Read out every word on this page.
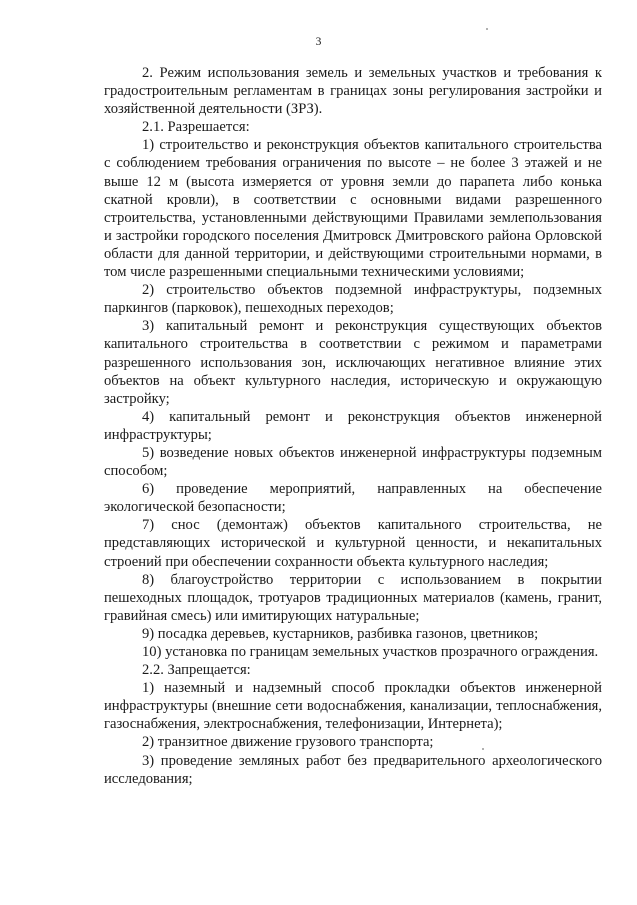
3

2. Режим использования земель и земельных участков и требования к градостроительным регламентам в границах зоны регулирования застройки и хозяйственной деятельности (ЗРЗ).

2.1. Разрешается:

1) строительство и реконструкция объектов капитального строительства с соблюдением требования ограничения по высоте – не более 3 этажей и не выше 12 м (высота измеряется от уровня земли до парапета либо конька скатной кровли), в соответствии с основными видами разрешенного строительства, установленными действующими Правилами землепользования и застройки городского поселения Дмитровск Дмитровского района Орловской области для данной территории, и действующими строительными нормами, в том числе разрешенными специальными техническими условиями;

2) строительство объектов подземной инфраструктуры, подземных паркингов (парковок), пешеходных переходов;

3) капитальный ремонт и реконструкция существующих объектов капитального строительства в соответствии с режимом и параметрами разрешенного использования зон, исключающих негативное влияние этих объектов на объект культурного наследия, историческую и окружающую застройку;

4) капитальный ремонт и реконструкция объектов инженерной инфраструктуры;

5) возведение новых объектов инженерной инфраструктуры подземным способом;

6) проведение мероприятий, направленных на обеспечение экологической безопасности;

7) снос (демонтаж) объектов капитального строительства, не представляющих исторической и культурной ценности, и некапитальных строений при обеспечении сохранности объекта культурного наследия;

8) благоустройство территории с использованием в покрытии пешеходных площадок, тротуаров традиционных материалов (камень, гранит, гравийная смесь) или имитирующих натуральные;

9) посадка деревьев, кустарников, разбивка газонов, цветников;

10) установка по границам земельных участков прозрачного ограждения.

2.2. Запрещается:

1) наземный и надземный способ прокладки объектов инженерной инфраструктуры (внешние сети водоснабжения, канализации, теплоснабжения, газоснабжения, электроснабжения, телефонизации, Интернета);

2) транзитное движение грузового транспорта;

3) проведение земляных работ без предварительного археологического исследования;
